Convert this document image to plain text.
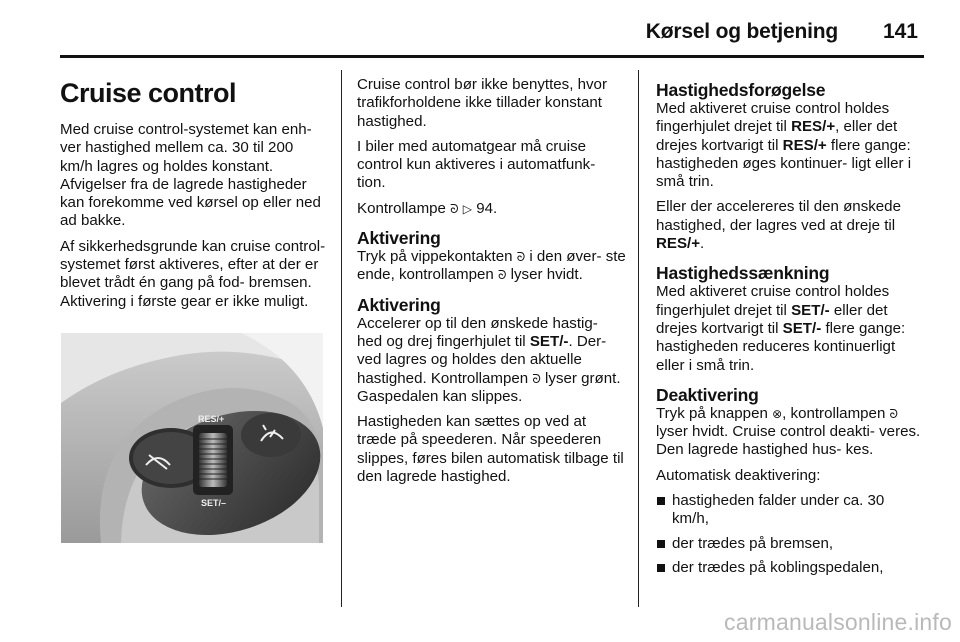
Kørsel og betjening 141
Cruise control

Med cruise control-systemet kan enh- ver hastighed mellem ca. 30 til 200 km/h lagres og holdes konstant. Afvigelser fra de lagrede hastigheder kan forekomme ved kørsel op eller ned ad bakke.

Af sikkerhedsgrunde kan cruise control-systemet først aktiveres, efter at der er blevet trådt én gang på fod- bremsen. Aktivering i første gear er ikke muligt.

RES/+
SET/–

Cruise control bør ikke benyttes, hvor trafikforholdene ikke tillader konstant hastighed.

I biler med automatgear må cruise control kun aktiveres i automatfunk- tion.

Kontrollampe ᘐ ▷ 94.

Aktivering

Tryk på vippekontakten ᘐ i den øver- ste ende, kontrollampen ᘐ lyser hvidt.

Aktivering

Accelerer op til den ønskede hastig- hed og drej fingerhjulet til SET/-. Der- ved lagres og holdes den aktuelle hastighed. Kontrollampen ᘐ lyser grønt. Gaspedalen kan slippes.

Hastigheden kan sættes op ved at træde på speederen. Når speederen slippes, føres bilen automatisk tilbage til den lagrede hastighed.

Hastighedsforøgelse

Med aktiveret cruise control holdes fingerhjulet drejet til RES/+, eller det drejes kortvarigt til RES/+ flere gange: hastigheden øges kontinuer- ligt eller i små trin.

Eller der accelereres til den ønskede hastighed, der lagres ved at dreje til RES/+.

Hastighedssænkning

Med aktiveret cruise control holdes fingerhjulet drejet til SET/- eller det drejes kortvarigt til SET/- flere gange: hastigheden reduceres kontinuerligt eller i små trin.

Deaktivering

Tryk på knappen ⊗, kontrollampen ᘐ lyser hvidt. Cruise control deakti- veres. Den lagrede hastighed hus- kes.

Automatisk deaktivering:

hastigheden falder under ca. 30 km/h,
der trædes på bremsen,
der trædes på koblingspedalen,
carmanualsonline.info
